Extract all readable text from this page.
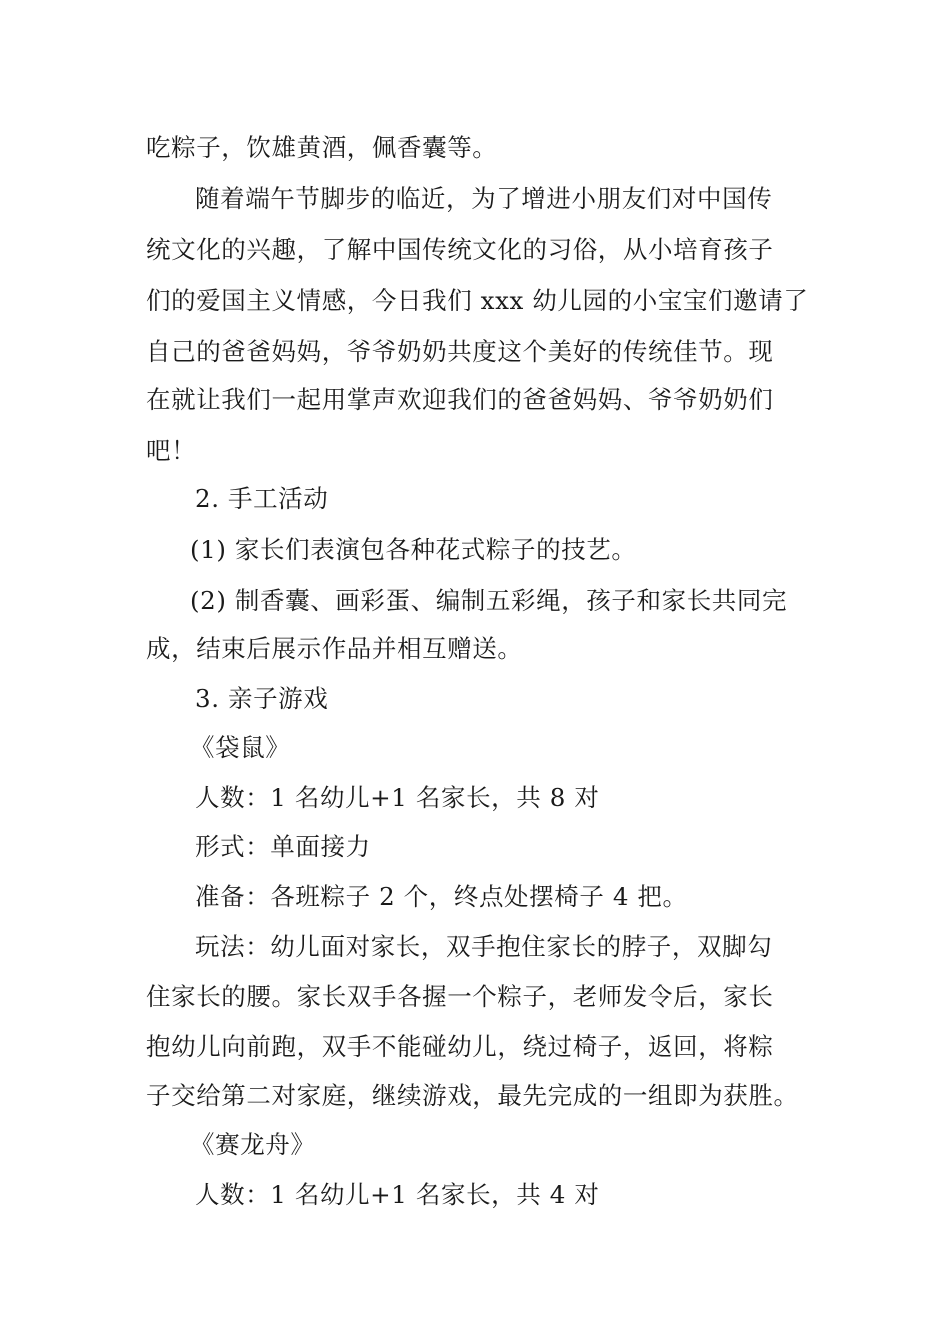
吃粽子，饮雄黄酒，佩香囊等。
随着端午节脚步的临近，为了增进小朋友们对中国传
统文化的兴趣，了解中国传统文化的习俗，从小培育孩子
们的爱国主义情感，今日我们 xxx 幼儿园的小宝宝们邀请了
自己的爸爸妈妈，爷爷奶奶共度这个美好的传统佳节。现
在就让我们一起用掌声欢迎我们的爸爸妈妈、爷爷奶奶们
吧！
2. 手工活动
(1) 家长们表演包各种花式粽子的技艺。
(2) 制香囊、画彩蛋、编制五彩绳，孩子和家长共同完
成，结束后展示作品并相互赠送。
3. 亲子游戏
《袋鼠》
人数：1 名幼儿+1 名家长，共 8 对
形式：单面接力
准备：各班粽子 2 个，终点处摆椅子 4 把。
玩法：幼儿面对家长，双手抱住家长的脖子，双脚勾
住家长的腰。家长双手各握一个粽子，老师发令后，家长
抱幼儿向前跑，双手不能碰幼儿，绕过椅子，返回，将粽
子交给第二对家庭，继续游戏，最先完成的一组即为获胜。
《赛龙舟》
人数：1 名幼儿+1 名家长，共 4 对
